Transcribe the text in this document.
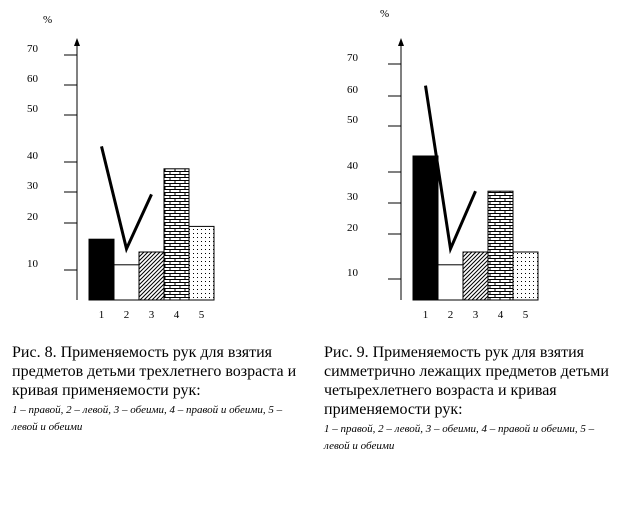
%
10
20
30
40
50
60
70
1 2 3 4 5
%
10
20
30
40
50
60
70
1 2 3 4 5
Рис. 8. Применяемость рук для взятия предметов детьми трехлетнего возраста и кривая применяемости рук:
1 – правой, 2 – левой, 3 – обеими, 4 – правой и обеими, 5 – левой и обеими
Рис. 9. Применяемость рук для взятия симметрично лежащих предметов детьми четырехлетнего возраста и кривая применяемости рук:
1 – правой, 2 – левой, 3 – обеими, 4 – правой и обеими, 5 – левой и обеими
